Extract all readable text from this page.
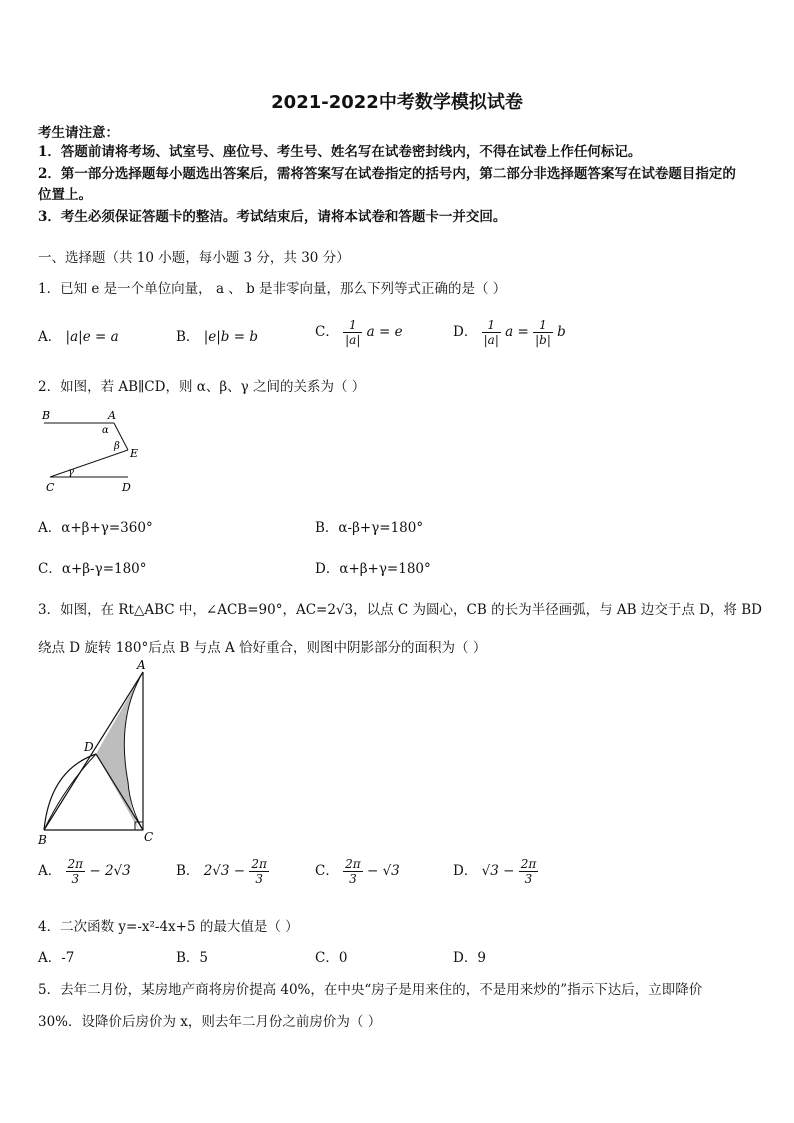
2021-2022中考数学模拟试卷
考生请注意：
1．答题前请将考场、试室号、座位号、考生号、姓名写在试卷密封线内，不得在试卷上作任何标记。
2．第一部分选择题每小题选出答案后，需将答案写在试卷指定的括号内，第二部分非选择题答案写在试卷题目指定的
位置上。
3．考生必须保证答题卡的整洁。考试结束后，请将本试卷和答题卡一并交回。
一、选择题（共 10 小题，每小题 3 分，共 30 分）
1．已知 e 是一个单位向量， a 、 b 是非零向量，那么下列等式正确的是（ ）
A． |a|e = a	B． |e|b = b	C． $\frac{1}{|a|}$ a = e	D． $\frac{1}{|a|}$ $a = \frac{1}{|b|}$ b
2．如图，若 AB∥CD，则 α、β、γ 之间的关系为（ ）
B	A
α
β
E
γ
C	D
A．α+β+γ=360°	B．α-β+γ=180°
C．α+β-γ=180°	D．α+β+γ=180°
3．如图，在 Rt△ABC 中，∠ACB=90°，AC=2√3，以点 C 为圆心，CB 的长为半径画弧，与 AB 边交于点 D，将 BD
绕点 D 旋转 180°后点 B 与点 A 恰好重合，则图中阴影部分的面积为（ ）
A
D
B	C
A． $\frac{2\pi}{3} - 2√3$	B． $2√3 - \frac{2\pi}{3}$	C． $\frac{2\pi}{3} - √3$	D． $√3 - \frac{2\pi}{3}$
4．二次函数 y=-x²-4x+5 的最大值是（ ）
A．-7	B．5	C．0	D．9
5．去年二月份，某房地产商将房价提高 40%，在中央“房子是用来住的，不是用来炒的”指示下达后，立即降价
30%．设降价后房价为 x，则去年二月份之前房价为（ ）
